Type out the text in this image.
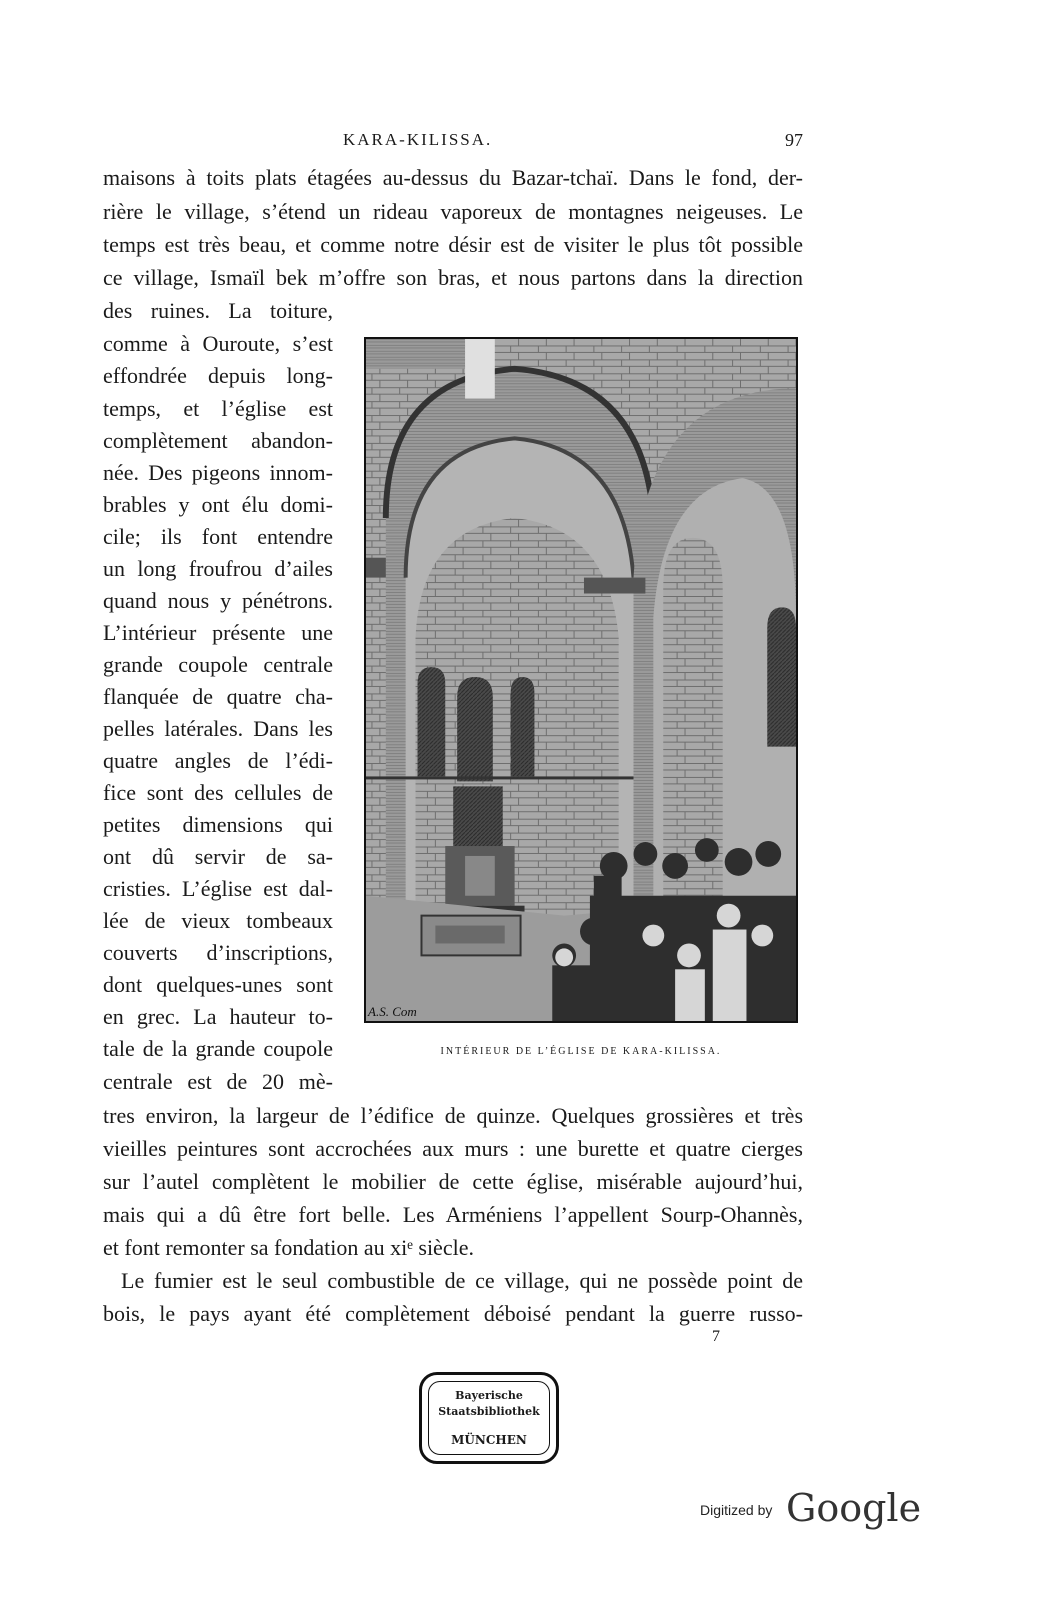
KARA-KILISSA.	97
maisons à toits plats étagées au-dessus du Bazar-tchaï. Dans le fond, der-
rière le village, s’étend un rideau vaporeux de montagnes neigeuses. Le
temps est très beau, et comme notre désir est de visiter le plus tôt possible
ce village, Ismaïl bek m’offre son bras, et nous partons dans la direction
des ruines. La toiture,
comme à Ouroute, s’est
effondrée depuis long-
temps, et l’église est
complètement abandon-
née. Des pigeons innom-
brables y ont élu domi-
cile; ils font entendre
un long froufrou d’ailes
quand nous y pénétrons.
L’intérieur présente une
grande coupole centrale
flanquée de quatre cha-
pelles latérales. Dans les
quatre angles de l’édi-
fice sont des cellules de
petites dimensions qui
ont dû servir de sa-
cristies. L’église est dal-
lée de vieux tombeaux
couverts d’inscriptions,
dont quelques-unes sont
en grec. La hauteur to-
tale de la grande coupole
centrale est de 20 mè-
tres environ, la largeur de l’édifice de quinze. Quelques grossières et très
vieilles peintures sont accrochées aux murs : une burette et quatre cierges
sur l’autel complètent le mobilier de cette église, misérable aujourd’hui,
mais qui a dû être fort belle. Les Arméniens l’appellent Sourp-Ohannès,
et font remonter sa fondation au xiᵉ siècle.
Le fumier est le seul combustible de ce village, qui ne possède point de
bois, le pays ayant été complètement déboisé pendant la guerre russo-
A.S. Com
INTÉRIEUR DE L’ÉGLISE DE KARA-KILISSA.
7
Bayerische
Staatsbibliothek
MÜNCHEN
Digitized by Google
